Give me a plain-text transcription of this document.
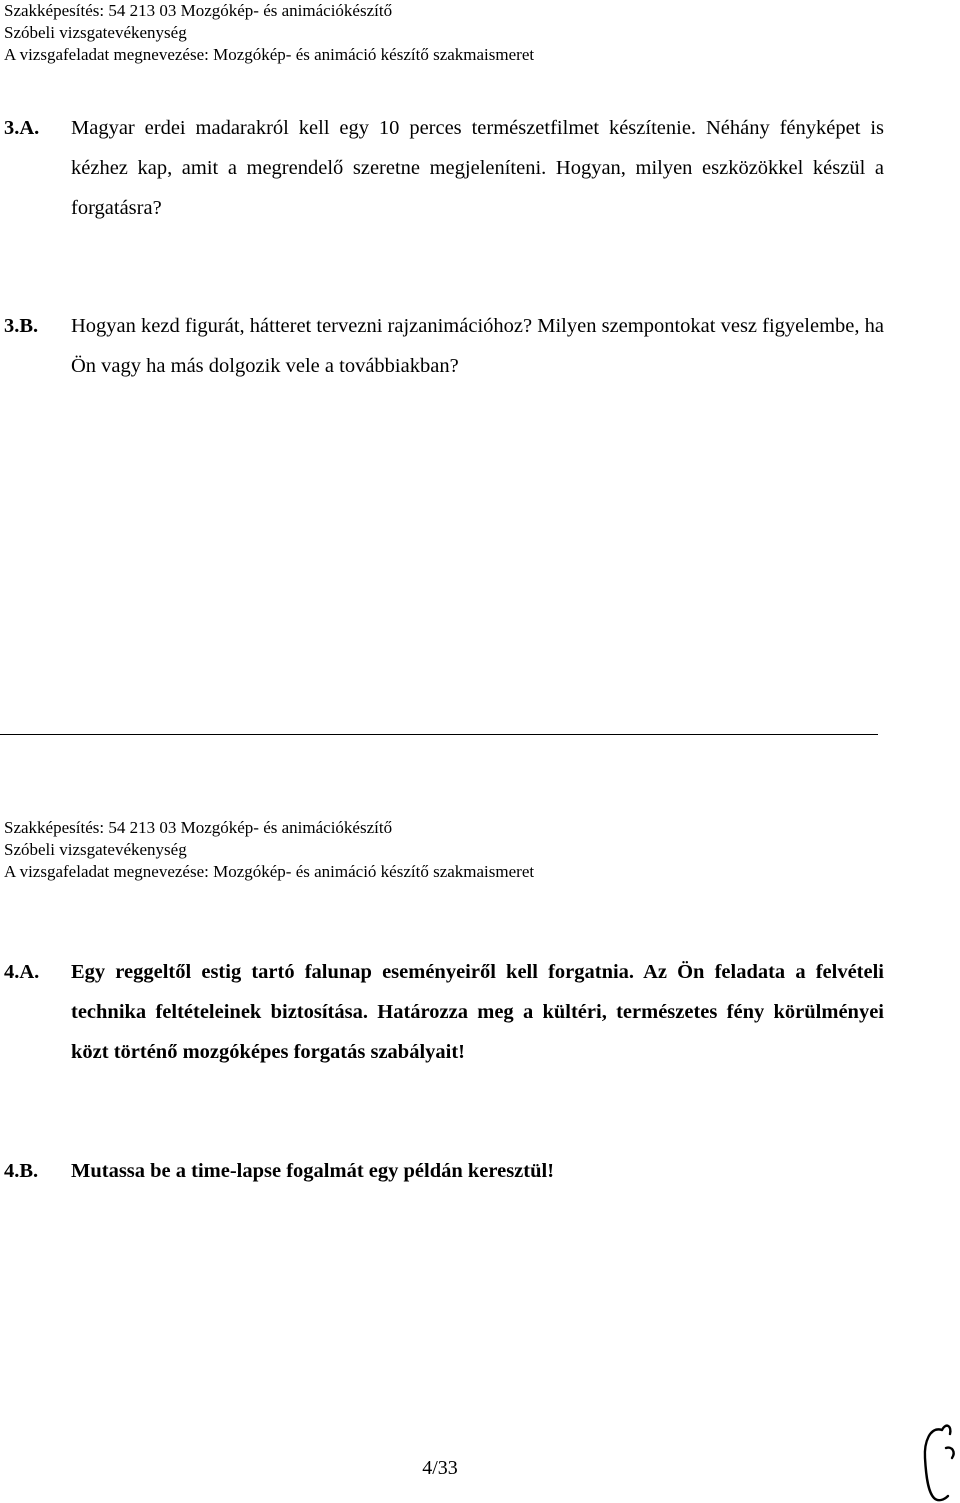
Szakképesítés: 54 213 03 Mozgókép- és animációkészítő
Szóbeli vizsgatevékenység
A vizsgafeladat megnevezése: Mozgókép- és animáció készítő szakmaismeret
3.A. Magyar erdei madarakról kell egy 10 perces természetfilmet készítenie. Néhány fényképet is kézhez kap, amit a megrendelő szeretne megjeleníteni. Hogyan, milyen eszközökkel készül a forgatásra?
3.B. Hogyan kezd figurát, hátteret tervezni rajzanimációhoz? Milyen szempontokat vesz figyelembe, ha Ön vagy ha más dolgozik vele a továbbiakban?
Szakképesítés: 54 213 03 Mozgókép- és animációkészítő
Szóbeli vizsgatevékenység
A vizsgafeladat megnevezése: Mozgókép- és animáció készítő szakmaismeret
4.A. Egy reggeltől estig tartó falunap eseményeiről kell forgatnia. Az Ön feladata a felvételi technika feltételeinek biztosítása. Határozza meg a kültéri, természetes fény körülményei közt történő mozgóképes forgatás szabályait!
4.B. Mutassa be a time-lapse fogalmát egy példán keresztül!
4/33
